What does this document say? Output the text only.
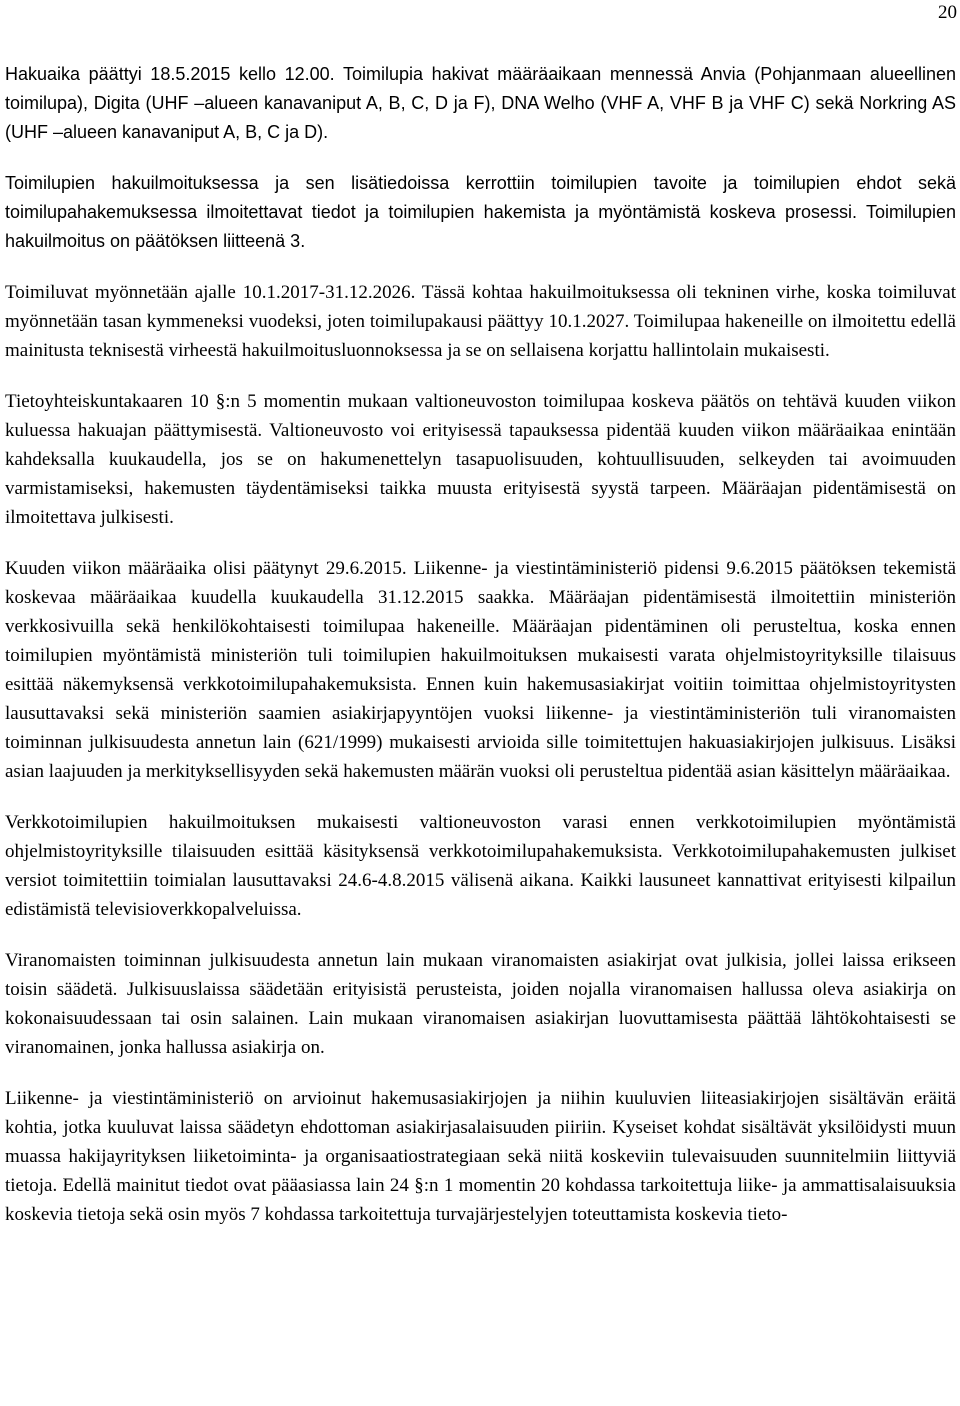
20

Hakuaika päättyi 18.5.2015 kello 12.00. Toimilupia hakivat määräaikaan mennessä Anvia (Pohjanmaan alueellinen toimilupa), Digita (UHF –alueen kanavaniput A, B, C, D ja F), DNA Welho (VHF A, VHF B ja VHF C) sekä Norkring AS (UHF –alueen kanavaniput A, B, C ja D).

Toimilupien hakuilmoituksessa ja sen lisätiedoissa kerrottiin toimilupien tavoite ja toimilupien ehdot sekä toimilupahakemuksessa ilmoitettavat tiedot ja toimilupien hakemista ja myöntämistä koskeva prosessi. Toimilupien hakuilmoitus on päätöksen liitteenä 3.

Toimiluvat myönnetään ajalle 10.1.2017-31.12.2026. Tässä kohtaa hakuilmoituksessa oli tekninen virhe, koska toimiluvat myönnetään tasan kymmeneksi vuodeksi, joten toimilupakausi päättyy 10.1.2027. Toimilupaa hakeneille on ilmoitettu edellä mainitusta teknisestä virheestä hakuilmoitusluonnoksessa ja se on sellaisena korjattu hallintolain mukaisesti.

Tietoyhteiskuntakaaren 10 §:n 5 momentin mukaan valtioneuvoston toimilupaa koskeva päätös on tehtävä kuuden viikon kuluessa hakuajan päättymisestä. Valtioneuvosto voi erityisessä tapauksessa pidentää kuuden viikon määräaikaa enintään kahdeksalla kuukaudella, jos se on hakumenettelyn tasapuolisuuden, kohtuullisuuden, selkeyden tai avoimuuden varmistamiseksi, hakemusten täydentämiseksi taikka muusta erityisestä syystä tarpeen. Määräajan pidentämisestä on ilmoitettava julkisesti.

Kuuden viikon määräaika olisi päätynyt 29.6.2015. Liikenne- ja viestintäministeriö pidensi 9.6.2015 päätöksen tekemistä koskevaa määräaikaa kuudella kuukaudella 31.12.2015 saakka. Määräajan pidentämisestä ilmoitettiin ministeriön verkkosivuilla sekä henkilökohtaisesti toimilupaa hakeneille. Määräajan pidentäminen oli perusteltua, koska ennen toimilupien myöntämistä ministeriön tuli toimilupien hakuilmoituksen mukaisesti varata ohjelmistoyrityksille tilaisuus esittää näkemyksensä verkkotoimilupahakemuksista. Ennen kuin hakemusasiakirjat voitiin toimittaa ohjelmistoyritysten lausuttavaksi sekä ministeriön saamien asiakirjapyyntöjen vuoksi liikenne- ja viestintäministeriön tuli viranomaisten toiminnan julkisuudesta annetun lain (621/1999) mukaisesti arvioida sille toimitettujen hakuasiakirjojen julkisuus. Lisäksi asian laajuuden ja merkityksellisyyden sekä hakemusten määrän vuoksi oli perusteltua pidentää asian käsittelyn määräaikaa.

Verkkotoimilupien hakuilmoituksen mukaisesti valtioneuvoston varasi ennen verkkotoimilupien myöntämistä ohjelmistoyrityksille tilaisuuden esittää käsityksensä verkkotoimilupahakemuksista. Verkkotoimilupahakemusten julkiset versiot toimitettiin toimialan lausuttavaksi 24.6-4.8.2015 välisenä aikana. Kaikki lausuneet kannattivat erityisesti kilpailun edistämistä televisioverkkopalveluissa.

Viranomaisten toiminnan julkisuudesta annetun lain mukaan viranomaisten asiakirjat ovat julkisia, jollei laissa erikseen toisin säädetä. Julkisuuslaissa säädetään erityisistä perusteista, joiden nojalla viranomaisen hallussa oleva asiakirja on kokonaisuudessaan tai osin salainen. Lain mukaan viranomaisen asiakirjan luovuttamisesta päättää lähtökohtaisesti se viranomainen, jonka hallussa asiakirja on.

Liikenne- ja viestintäministeriö on arvioinut hakemusasiakirjojen ja niihin kuuluvien liiteasiakirjojen sisältävän eräitä kohtia, jotka kuuluvat laissa säädetyn ehdottoman asiakirjasalaisuuden piiriin. Kyseiset kohdat sisältävät yksilöidysti muun muassa hakijayrityksen liiketoiminta- ja organisaatiostrategiaan sekä niitä koskeviin tulevaisuuden suunnitelmiin liittyviä tietoja. Edellä mainitut tiedot ovat pääasiassa lain 24 §:n 1 momentin 20 kohdassa tarkoitettuja liike- ja ammattisalaisuuksia koskevia tietoja sekä osin myös 7 kohdassa tarkoitettuja turvajärjestelyjen toteuttamista koskevia tieto-
